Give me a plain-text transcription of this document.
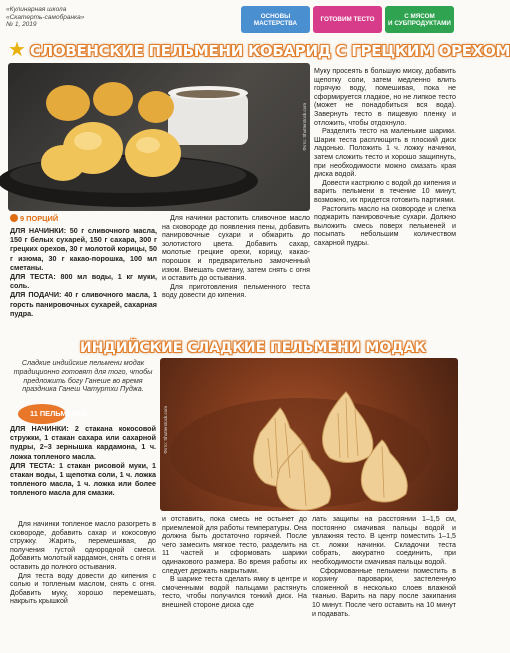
«Кулинарная школа
«Скатерть-самобранка»
№ 1, 2019
ОСНОВЫ
МАСТЕРСТВА	ГОТОВИМ ТЕСТО	С МЯСОМ
И СУБПРОДУКТАМИ
★ СЛОВЕНСКИЕ ПЕЛЬМЕНИ КОБАРИД С ГРЕЦКИМ ОРЕХОМ
Фото: Shutterstock.com

Муку просеять в большую миску, добавить щепотку соли, затем медленно влить горячую воду, помешивая, пока не сформируется гладкое, но не липкое тесто (может не понадобиться вся вода). Завернуть тесто в пищевую пленку и отложить, чтобы отдохнуло.

Разделить тесто на маленькие шарики. Шарик теста расплющить в плоский диск ладонью. Положить 1 ч. ложку начинки, затем сложить тесто и хорошо защипнуть, при необходимости можно смазать края диска водой.

Довести кастрюлю с водой до кипения и варить пельмени в течение 10 минут, возможно, их придется готовить партиями.

Растопить масло на сковороде и слегка поджарить панировочные сухари. Должно выложить смесь поверх пельменей и посыпать небольшим количеством сахарной пудры.

9 ПОРЦИЙ
ДЛЯ НАЧИНКИ: 50 г сливочного масла, 150 г белых сухарей, 150 г сахара, 300 г грецких орехов, 30 г молотой корицы, 50 г изюма, 30 г какао-порошка, 100 мл сметаны.
ДЛЯ ТЕСТА: 800 мл воды, 1 кг муки, соль.
ДЛЯ ПОДАЧИ: 40 г сливочного масла, 1 горсть панировочных сухарей, сахарная пудра.

Для начинки растопить сливочное масло на сковороде до появления пены, добавить панировочные сухари и обжарить до золотистого цвета. Добавить сахар, молотые грецкие орехи, корицу, какао-порошок и предварительно замоченный изюм. Вмешать сметану, затем снять с огня и оставить до остывания.

Для приготовления пельменного теста воду довести до кипения.

ИНДИЙСКИЕ СЛАДКИЕ ПЕЛЬМЕНИ МОДАК
Сладкие индийские пельмени модак традиционно готовят для того, чтобы предложить богу Ганеше во время праздника Ганеш Чатуртхи Пуджа.
11 ПЕЛЬМЕНЕЙ
ДЛЯ НАЧИНКИ: 2 стакана кокосовой стружки, 1 стакан сахара или сахарной пудры, 2–3 зернышка кардамона, 1 ч. ложка топленого масла.
ДЛЯ ТЕСТА: 1 стакан рисовой муки, 1 стакан воды, 1 щепотка соли, 1 ч. ложка топленого масла, 1 ч. ложка или более топленого масла для смазки.
Фото: Shutterstock.com

Для начинки топленое масло разогреть в сковороде, добавить сахар и кокосовую стружку. Жарить, перемешивая, до получения густой однородной смеси. Добавить молотый кардамон, снять с огня и оставить до полного остывания.

Для теста воду довести до кипения с солью и топленым маслом, снять с огня. Добавить муку, хорошо перемешать, накрыть крышкой

и отставить, пока смесь не остынет до приемлемой для работы температуры. Она должна быть достаточно горячей. После чего замесить мягкое тесто, разделить на 11 частей и сформовать шарики одинакового размера. Во время работы их следует держать накрытыми.

В шарике теста сделать ямку в центре и смоченными водой пальцами растянуть тесто, чтобы получился тонкий диск. На внешней стороне диска сде

лать защипы на расстоянии 1–1,5 см, постоянно смачивая пальцы водой и увлажняя тесто. В центр поместить 1–1,5 ст. ложки начинки. Складочки теста собрать, аккуратно соединить, при необходимости смачивая пальцы водой.

Сформованные пельмени поместить в корзину пароварки, застеленную сложенной в несколько слоев влажной тканью. Варить на пару после закипания 10 минут. После чего оставить на 10 минут и подавать.
